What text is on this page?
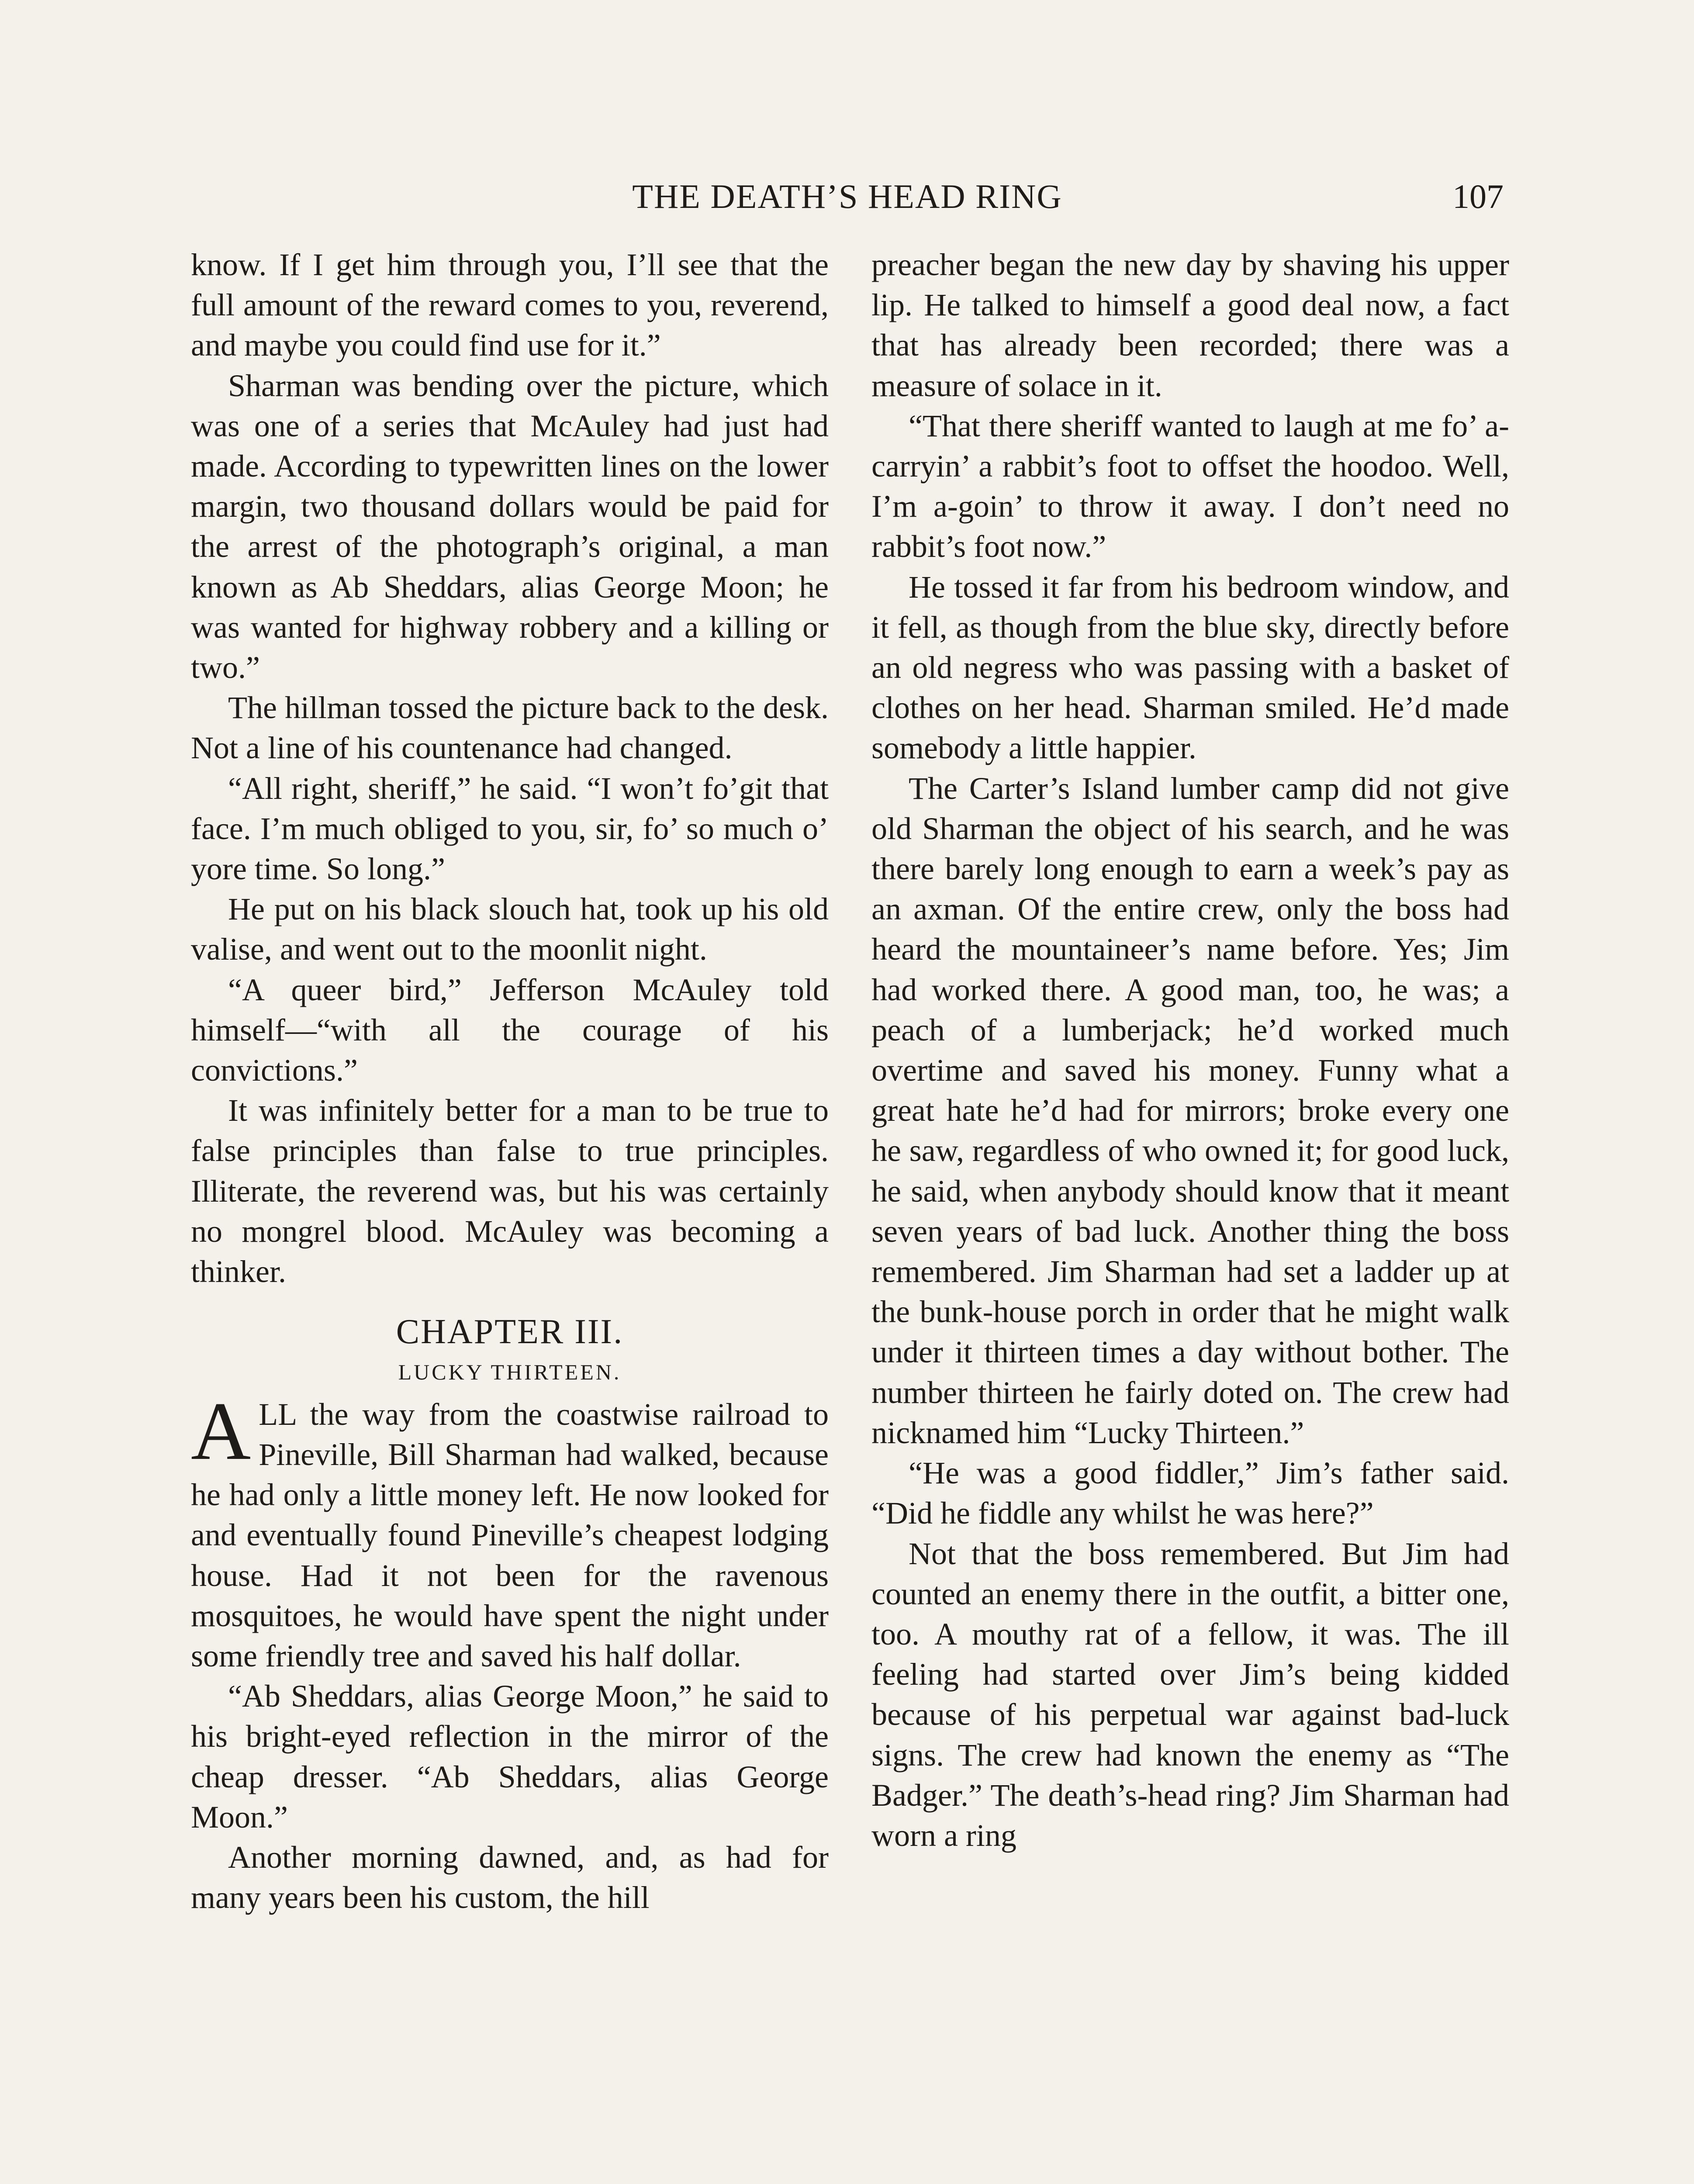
THE DEATH’S HEAD RING	107

know. If I get him through you, I’ll see that the full amount of the reward comes to you, reverend, and maybe you could find use for it.”

Sharman was bending over the picture, which was one of a series that McAuley had just had made. According to typewritten lines on the lower margin, two thousand dollars would be paid for the arrest of the photograph’s original, a man known as Ab Sheddars, alias George Moon; he was wanted for highway robbery and a killing or two.”

The hillman tossed the picture back to the desk. Not a line of his countenance had changed.

“All right, sheriff,” he said. “I won’t fo’git that face. I’m much obliged to you, sir, fo’ so much o’ yore time. So long.”

He put on his black slouch hat, took up his old valise, and went out to the moonlit night.

“A queer bird,” Jefferson McAuley told himself—“with all the courage of his convictions.”

It was infinitely better for a man to be true to false principles than false to true principles. Illiterate, the reverend was, but his was certainly no mongrel blood. McAuley was becoming a thinker.

CHAPTER III.
LUCKY THIRTEEN.

ALL the way from the coastwise railroad to Pineville, Bill Sharman had walked, because he had only a little money left. He now looked for and eventually found Pineville’s cheapest lodging house. Had it not been for the ravenous mosquitoes, he would have spent the night under some friendly tree and saved his half dollar.

“Ab Sheddars, alias George Moon,” he said to his bright-eyed reflection in the mirror of the cheap dresser. “Ab Sheddars, alias George Moon.”

Another morning dawned, and, as had for many years been his custom, the hill

preacher began the new day by shaving his upper lip. He talked to himself a good deal now, a fact that has already been recorded; there was a measure of solace in it.

“That there sheriff wanted to laugh at me fo’ a-carryin’ a rabbit’s foot to offset the hoodoo. Well, I’m a-goin’ to throw it away. I don’t need no rabbit’s foot now.”

He tossed it far from his bedroom window, and it fell, as though from the blue sky, directly before an old negress who was passing with a basket of clothes on her head. Sharman smiled. He’d made somebody a little happier.

The Carter’s Island lumber camp did not give old Sharman the object of his search, and he was there barely long enough to earn a week’s pay as an axman. Of the entire crew, only the boss had heard the mountaineer’s name before. Yes; Jim had worked there. A good man, too, he was; a peach of a lumberjack; he’d worked much overtime and saved his money. Funny what a great hate he’d had for mirrors; broke every one he saw, regardless of who owned it; for good luck, he said, when anybody should know that it meant seven years of bad luck. Another thing the boss remembered. Jim Sharman had set a ladder up at the bunk-house porch in order that he might walk under it thirteen times a day without bother. The number thirteen he fairly doted on. The crew had nicknamed him “Lucky Thirteen.”

“He was a good fiddler,” Jim’s father said. “Did he fiddle any whilst he was here?”

Not that the boss remembered. But Jim had counted an enemy there in the outfit, a bitter one, too. A mouthy rat of a fellow, it was. The ill feeling had started over Jim’s being kidded because of his perpetual war against bad-luck signs. The crew had known the enemy as “The Badger.” The death’s-head ring? Jim Sharman had worn a ring
